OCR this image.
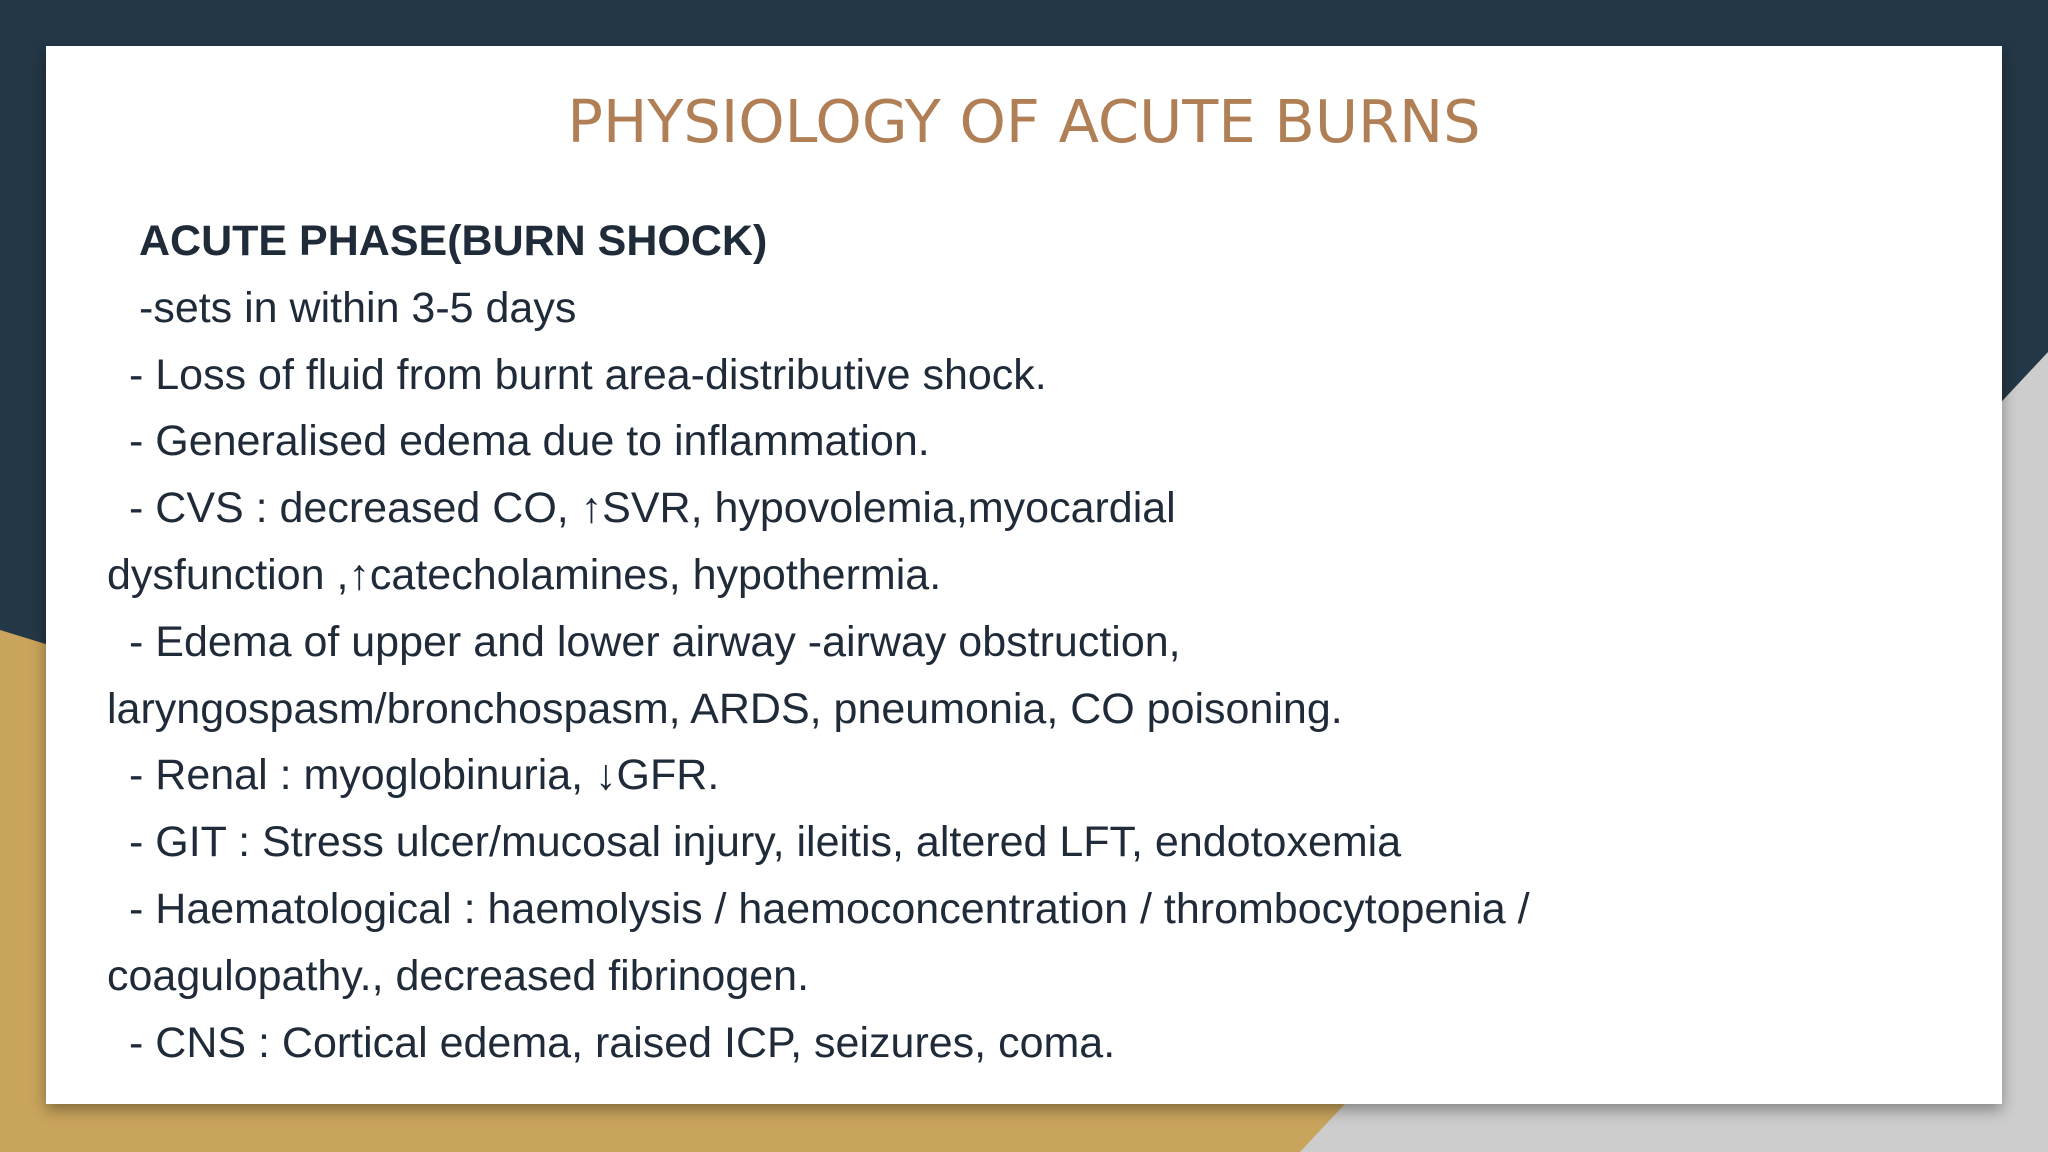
PHYSIOLOGY OF ACUTE BURNS
ACUTE PHASE(BURN SHOCK)
-sets in within 3-5 days
- Loss of fluid from burnt area-distributive shock.
- Generalised edema due to inflammation.
- CVS : decreased CO, ↑SVR, hypovolemia,myocardial
dysfunction ,↑catecholamines, hypothermia.
- Edema of upper and lower airway -airway obstruction,
laryngospasm/bronchospasm, ARDS, pneumonia, CO poisoning.
- Renal : myoglobinuria, ↓GFR.
- GIT : Stress ulcer/mucosal injury, ileitis, altered LFT, endotoxemia
- Haematological : haemolysis / haemoconcentration / thrombocytopenia /
coagulopathy., decreased fibrinogen.
- CNS : Cortical edema, raised ICP, seizures, coma.
